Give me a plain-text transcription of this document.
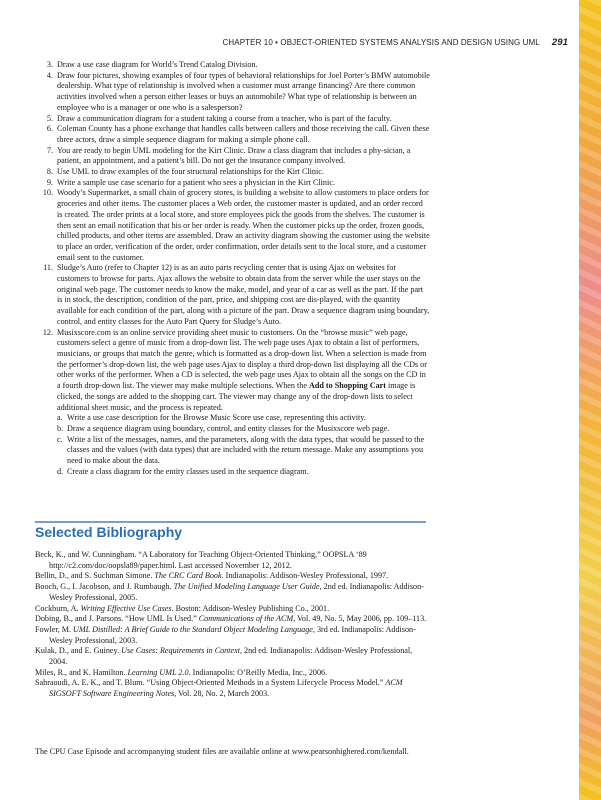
CHAPTER 10 • OBJECT-ORIENTED SYSTEMS ANALYSIS AND DESIGN USING UML 291
3. Draw a use case diagram for World’s Trend Catalog Division.
4. Draw four pictures, showing examples of four types of behavioral relationships for Joel Porter’s BMW automobile dealership. What type of relationship is involved when a customer must arrange financing? Are there common activities involved when a person either leases or buys an automobile? What type of relationship is between an employee who is a manager or one who is a salesperson?
5. Draw a communication diagram for a student taking a course from a teacher, who is part of the faculty.
6. Coleman County has a phone exchange that handles calls between callers and those receiving the call. Given these three actors, draw a simple sequence diagram for making a simple phone call.
7. You are ready to begin UML modeling for the Kirt Clinic. Draw a class diagram that includes a phy-sician, a patient, an appointment, and a patient’s bill. Do not get the insurance company involved.
8. Use UML to draw examples of the four structural relationships for the Kirt Clinic.
9. Write a sample use case scenario for a patient who sees a physician in the Kirt Clinic.
10. Woody’s Supermarket, a small chain of grocery stores, is building a website to allow customers to place orders for groceries and other items. The customer places a Web order, the customer master is updated, and an order record is created. The order prints at a local store, and store employees pick the goods from the shelves. The customer is then sent an email notification that his or her order is ready. When the customer picks up the order, frozen goods, chilled products, and other items are assembled. Draw an activity diagram showing the customer using the website to place an order, verification of the order, order confirmation, order details sent to the local store, and a customer email sent to the customer.
11. Sludge’s Auto (refer to Chapter 12) is as an auto parts recycling center that is using Ajax on websites for customers to browse for parts. Ajax allows the website to obtain data from the server while the user stays on the original web page. The customer needs to know the make, model, and year of a car as well as the part. If the part is in stock, the description, condition of the part, price, and shipping cost are dis-played, with the quantity available for each condition of the part, along with a picture of the part. Draw a sequence diagram using boundary, control, and entity classes for the Auto Part Query for Sludge’s Auto.
12. Musixscore.com is an online service providing sheet music to customers. On the “browse music” web page, customers select a genre of music from a drop-down list. The web page uses Ajax to obtain a list of performers, musicians, or groups that match the genre, which is formatted as a drop-down list. When a selection is made from the performer’s drop-down list, the web page uses Ajax to display a third drop-down list displaying all the CDs or other works of the performer. When a CD is selected, the web page uses Ajax to obtain all the songs on the CD in a fourth drop-down list. The viewer may make multiple selections. When the Add to Shopping Cart image is clicked, the songs are added to the shopping cart. The viewer may change any of the drop-down lists to select additional sheet music, and the process is repeated.
a. Write a use case description for the Browse Music Score use case, representing this activity.
b. Draw a sequence diagram using boundary, control, and entity classes for the Musixscore web page.
c. Write a list of the messages, names, and the parameters, along with the data types, that would be passed to the classes and the values (with data types) that are included with the return message. Make any assumptions you need to make about the data.
d. Create a class diagram for the entity classes used in the sequence diagram.
Selected Bibliography
Beck, K., and W. Cunningham. “A Laboratory for Teaching Object-Oriented Thinking,” OOPSLA ‘89 http://c2.com/doc/oopsla89/paper.html. Last accessed November 12, 2012.
Bellin, D., and S. Suchman Simone. The CRC Card Book. Indianapolis: Addison-Wesley Professional, 1997.
Booch, G., I. Jacobson, and J. Rumbaugh. The Unified Modeling Language User Guide, 2nd ed. Indianapolis: Addison-Wesley Professional, 2005.
Cockburn, A. Writing Effective Use Cases. Boston: Addison-Wesley Publishing Co., 2001.
Dobing, B., and J. Parsons. “How UML Is Used.” Communications of the ACM, Vol. 49, No. 5, May 2006, pp. 109–113.
Fowler, M. UML Distilled: A Brief Guide to the Standard Object Modeling Language, 3rd ed. Indianapolis: Addison-Wesley Professional, 2003.
Kulak, D., and E. Guiney. Use Cases: Requirements in Context, 2nd ed. Indianapolis: Addison-Wesley Professional, 2004.
Miles, R., and K. Hamilton. Learning UML 2.0. Indianapolis: O’Reilly Media, Inc., 2006.
Sahraoudi, A. E. K., and T. Blum. “Using Object-Oriented Methods in a System Lifecycle Process Model.” ACM SIGSOFT Software Engineering Notes, Vol. 28, No. 2, March 2003.
The CPU Case Episode and accompanying student files are available online at www.pearsonhighered.com/kendall.
